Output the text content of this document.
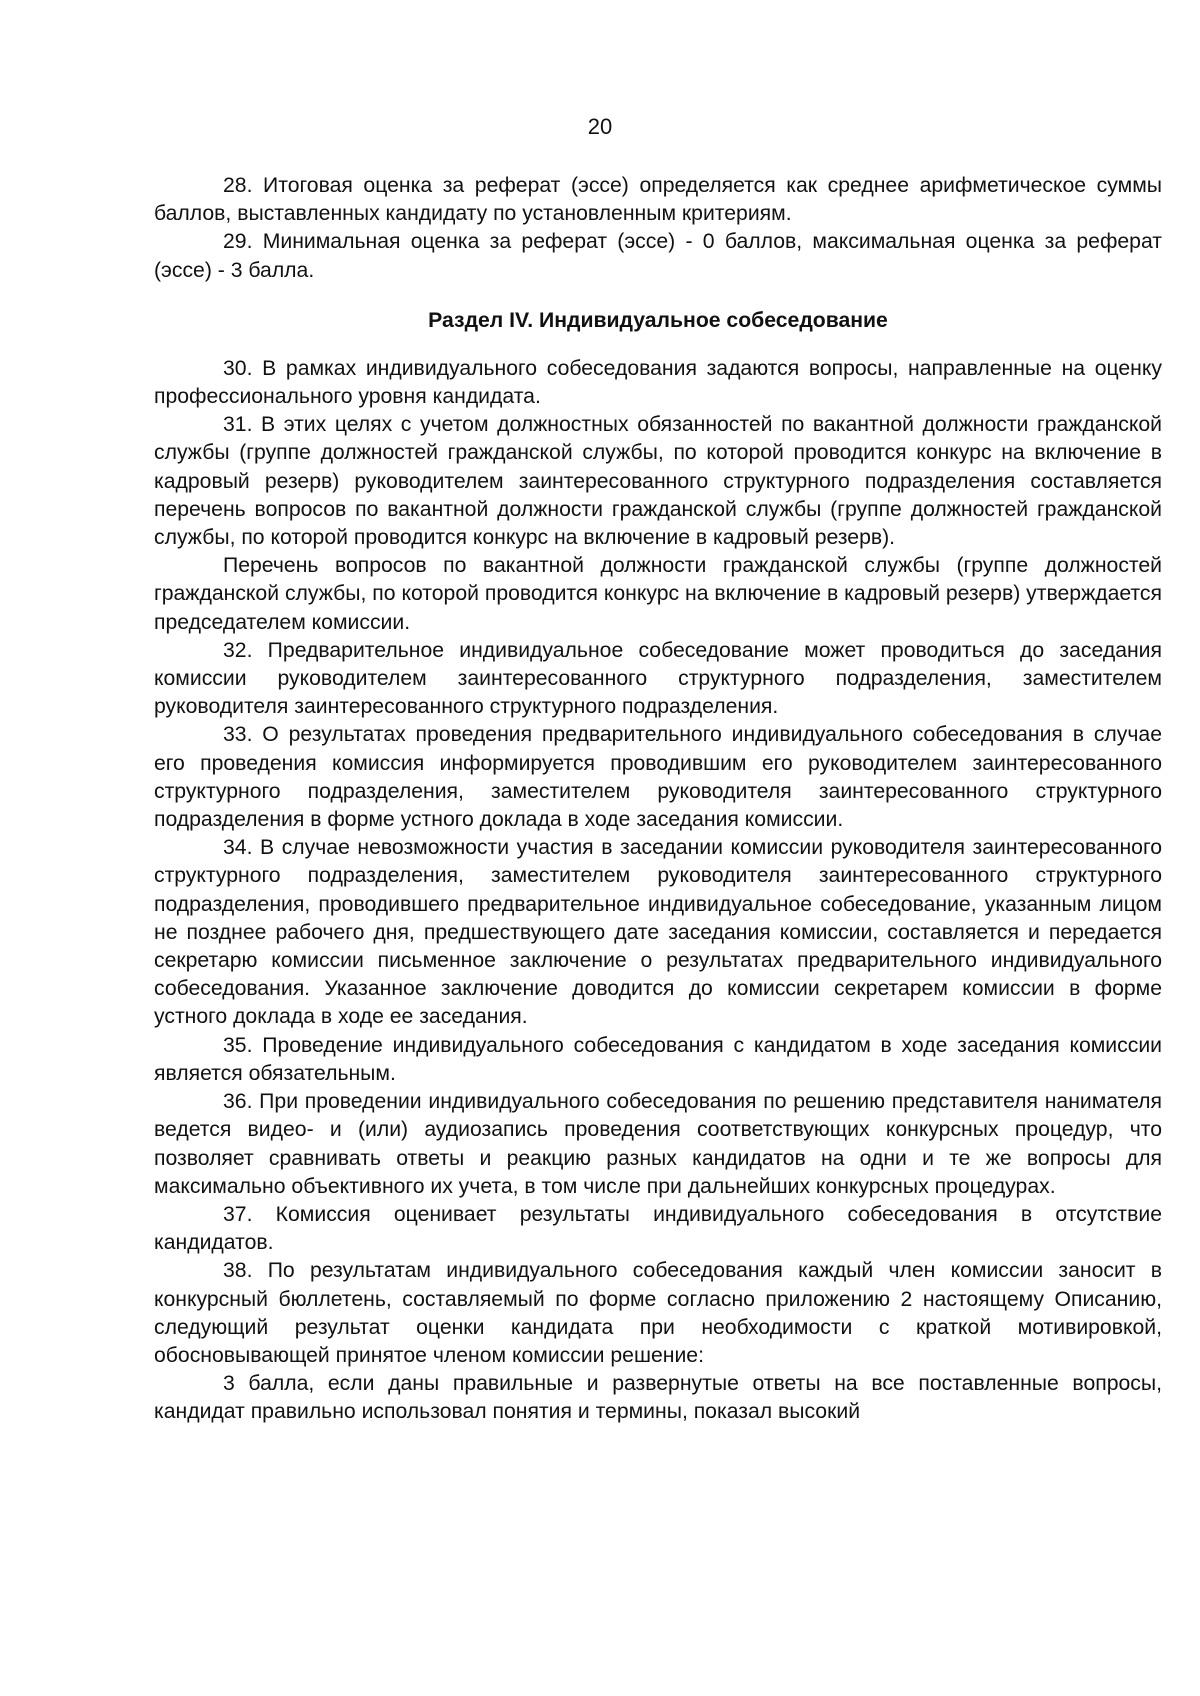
20

28. Итоговая оценка за реферат (эссе) определяется как среднее арифметическое суммы баллов, выставленных кандидату по установленным критериям.

29. Минимальная оценка за реферат (эссе) - 0 баллов, максимальная оценка за реферат (эссе) - 3 балла.

Раздел IV. Индивидуальное собеседование

30. В рамках индивидуального собеседования задаются вопросы, направленные на оценку профессионального уровня кандидата.

31. В этих целях с учетом должностных обязанностей по вакантной должности гражданской службы (группе должностей гражданской службы, по которой проводится конкурс на включение в кадровый резерв) руководителем заинтересованного структурного подразделения составляется перечень вопросов по вакантной должности гражданской службы (группе должностей гражданской службы, по которой проводится конкурс на включение в кадровый резерв).

Перечень вопросов по вакантной должности гражданской службы (группе должностей гражданской службы, по которой проводится конкурс на включение в кадровый резерв) утверждается председателем комиссии.

32. Предварительное индивидуальное собеседование может проводиться до заседания комиссии руководителем заинтересованного структурного подразделения, заместителем руководителя заинтересованного структурного подразделения.

33. О результатах проведения предварительного индивидуального собеседования в случае его проведения комиссия информируется проводившим его руководителем заинтересованного структурного подразделения, заместителем руководителя заинтересованного структурного подразделения в форме устного доклада в ходе заседания комиссии.

34. В случае невозможности участия в заседании комиссии руководителя заинтересованного структурного подразделения, заместителем руководителя заинтересованного структурного подразделения, проводившего предварительное индивидуальное собеседование, указанным лицом не позднее рабочего дня, предшествующего дате заседания комиссии, составляется и передается секретарю комиссии письменное заключение о результатах предварительного индивидуального собеседования. Указанное заключение доводится до комиссии секретарем комиссии в форме устного доклада в ходе ее заседания.

35. Проведение индивидуального собеседования с кандидатом в ходе заседания комиссии является обязательным.

36. При проведении индивидуального собеседования по решению представителя нанимателя ведется видео- и (или) аудиозапись проведения соответствующих конкурсных процедур, что позволяет сравнивать ответы и реакцию разных кандидатов на одни и те же вопросы для максимально объективного их учета, в том числе при дальнейших конкурсных процедурах.

37. Комиссия оценивает результаты индивидуального собеседования в отсутствие кандидатов.

38. По результатам индивидуального собеседования каждый член комиссии заносит в конкурсный бюллетень, составляемый по форме согласно приложению 2 настоящему Описанию, следующий результат оценки кандидата при необходимости с краткой мотивировкой, обосновывающей принятое членом комиссии решение:

3 балла, если даны правильные и развернутые ответы на все поставленные вопросы, кандидат правильно использовал понятия и термины, показал высокий
